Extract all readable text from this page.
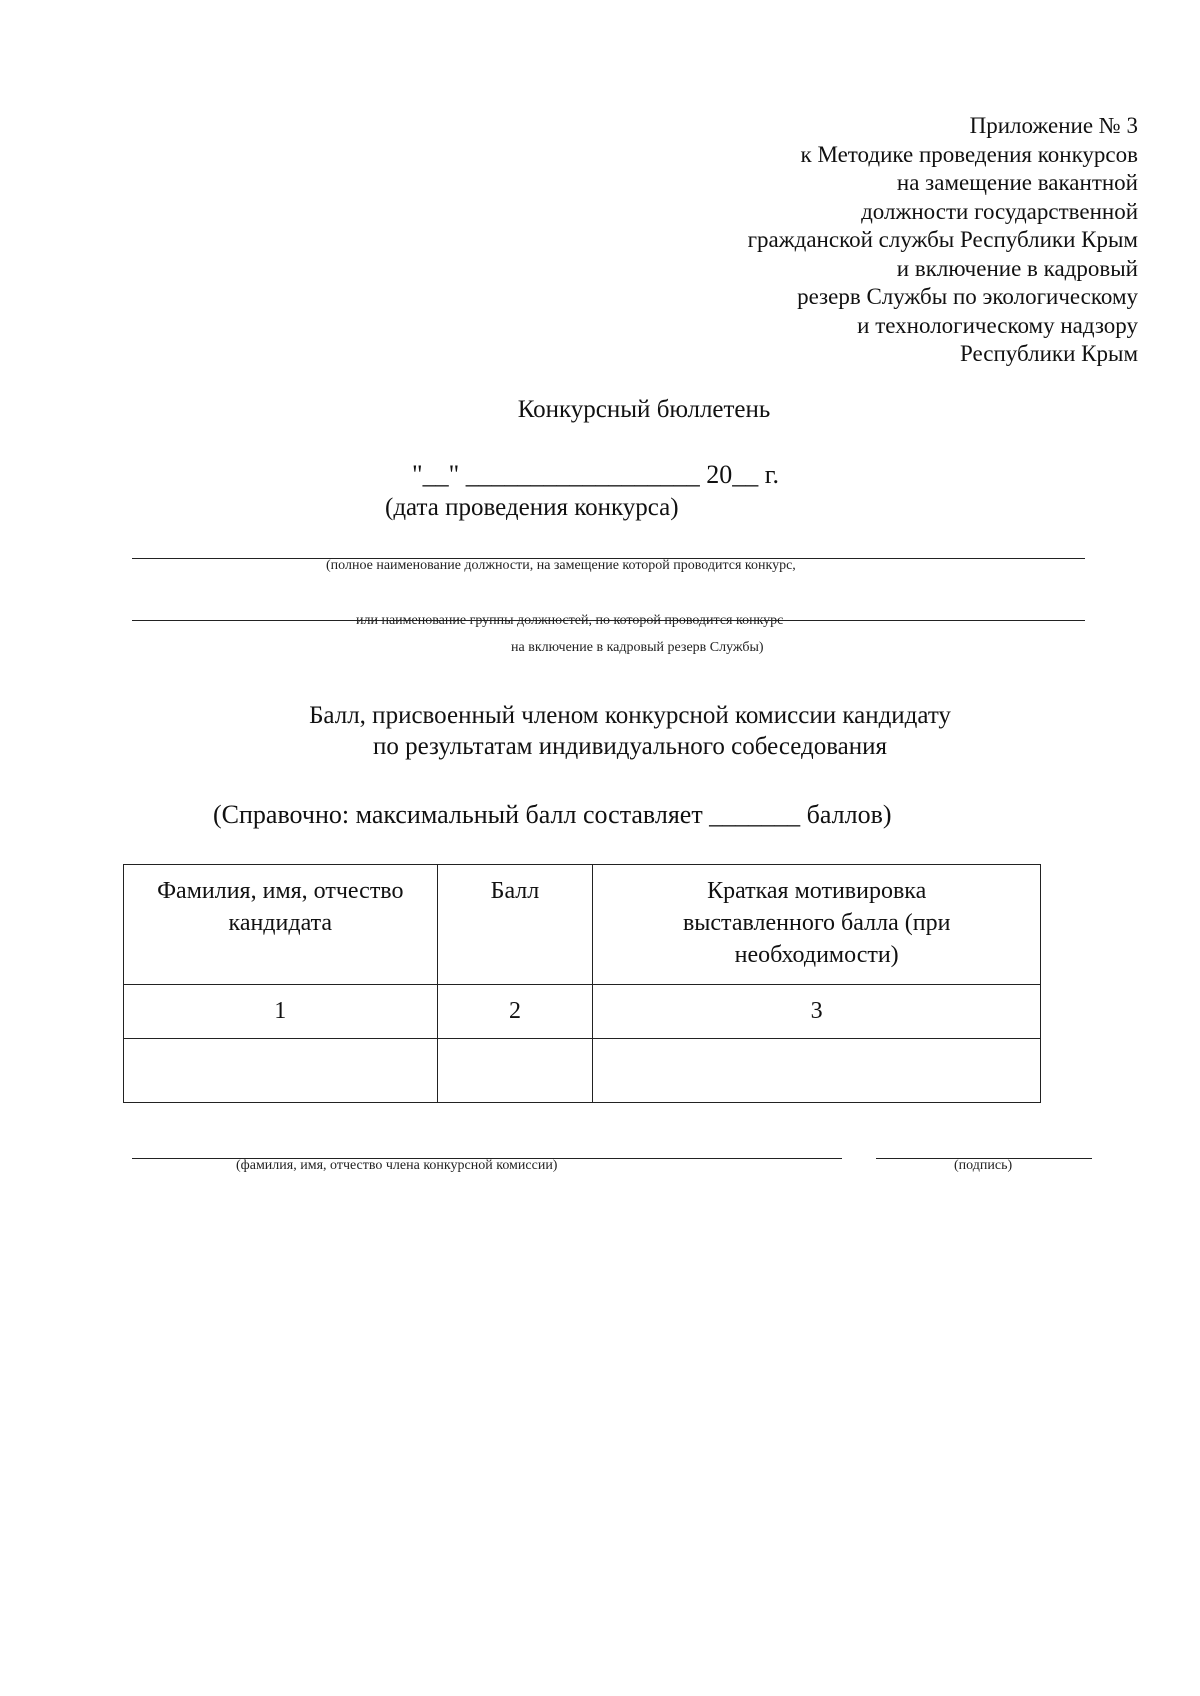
Приложение № 3
к Методике проведения конкурсов
на замещение вакантной
должности государственной
гражданской службы Республики Крым
и включение в кадровый
резерв Службы по экологическому
и технологическому надзору
Республики Крым
Конкурсный бюллетень
"__" __________________ 20__ г.
(дата проведения конкурса)
(полное наименование должности, на замещение которой проводится конкурс,
или наименование группы должностей, по которой проводится конкурс
на включение в кадровый резерв Службы)
Балл, присвоенный членом конкурсной комиссии кандидату
по результатам индивидуального собеседования
(Справочно: максимальный балл составляет _______ баллов)
Фамилия, имя, отчество кандидата	Балл	Краткая мотивировка выставленного балла (при необходимости)
1	2	3

(фамилия, имя, отчество члена конкурсной комиссии)	(подпись)
